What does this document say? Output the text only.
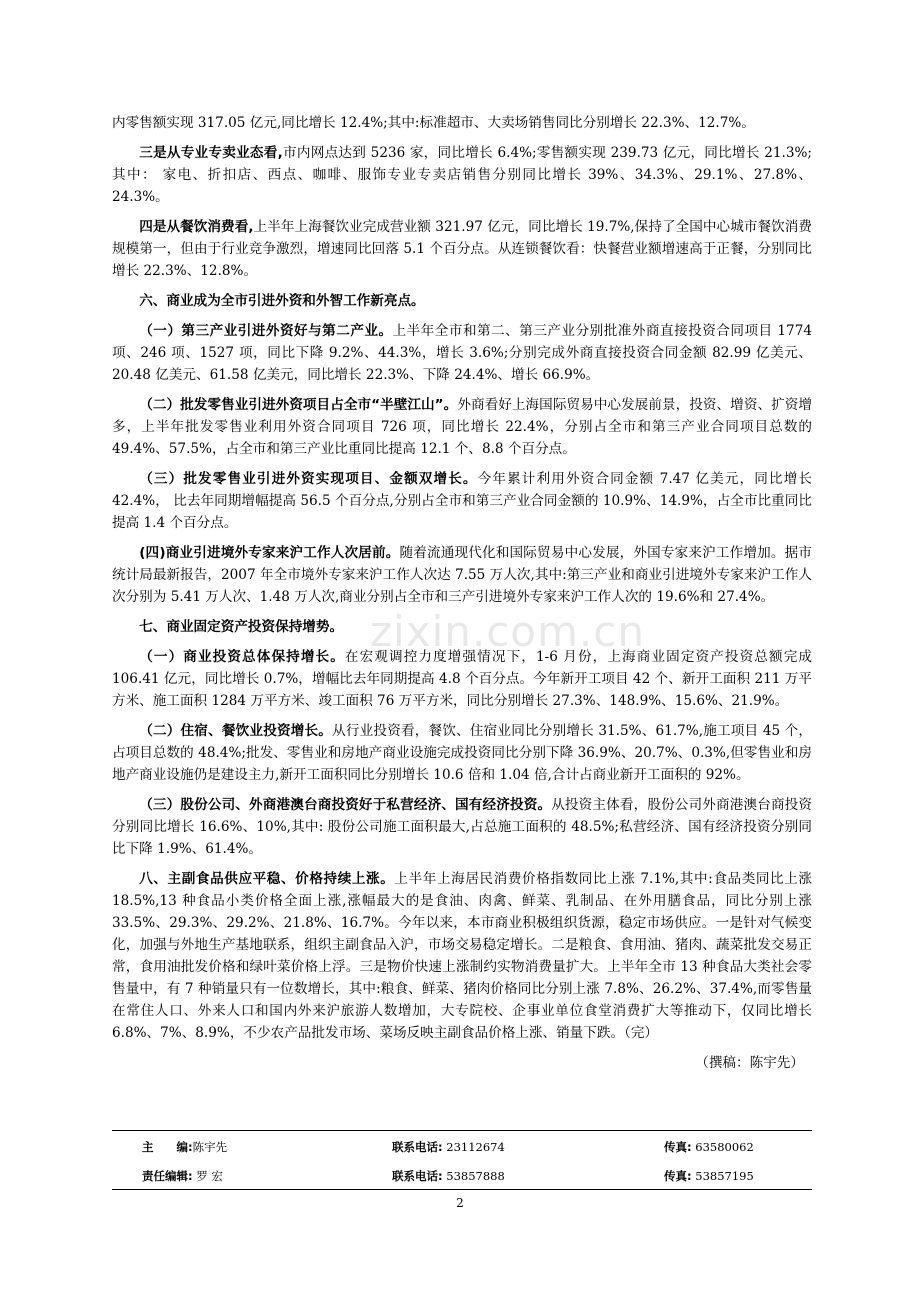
内零售额实现 317.05 亿元,同比增长 12.4%;其中:标准超市、大卖场销售同比分别增长 22.3%、12.7%。

三是从专业专卖业态看,市内网点达到 5236 家，同比增长 6.4%;零售额实现 239.73 亿元，同比增长 21.3%;其中： 家电、折扣店、西点、咖啡、服饰专业专卖店销售分别同比增长 39%、34.3%、29.1%、27.8%、24.3%。

四是从餐饮消费看,上半年上海餐饮业完成营业额 321.97 亿元，同比增长 19.7%,保持了全国中心城市餐饮消费规模第一，但由于行业竞争激烈，增速同比回落 5.1 个百分点。从连锁餐饮看：快餐营业额增速高于正餐，分别同比增长 22.3%、12.8%。

六、商业成为全市引进外资和外智工作新亮点。

（一）第三产业引进外资好与第二产业。上半年全市和第二、第三产业分别批准外商直接投资合同项目 1774 项、246 项、1527 项，同比下降 9.2%、44.3%，增长 3.6%;分别完成外商直接投资合同金额 82.99 亿美元、20.48 亿美元、61.58 亿美元，同比增长 22.3%、下降 24.4%、增长 66.9%。

（二）批发零售业引进外资项目占全市“半壁江山”。外商看好上海国际贸易中心发展前景，投资、增资、扩资增多，上半年批发零售业利用外资合同项目 726 项，同比增长 22.4%，分别占全市和第三产业合同项目总数的 49.4%、57.5%，占全市和第三产业比重同比提高 12.1 个、8.8 个百分点。

（三）批发零售业引进外资实现项目、金额双增长。今年累计利用外资合同金额 7.47 亿美元，同比增长 42.4%， 比去年同期增幅提高 56.5 个百分点,分别占全市和第三产业合同金额的 10.9%、14.9%，占全市比重同比提高 1.4 个百分点。

(四)商业引进境外专家来沪工作人次居前。随着流通现代化和国际贸易中心发展，外国专家来沪工作增加。据市统计局最新报告，2007 年全市境外专家来沪工作人次达 7.55 万人次,其中:第三产业和商业引进境外专家来沪工作人次分别为 5.41 万人次、1.48 万人次,商业分别占全市和三产引进境外专家来沪工作人次的 19.6%和 27.4%。

七、商业固定资产投资保持增势。

（一）商业投资总体保持增长。在宏观调控力度增强情况下，1-6 月份，上海商业固定资产投资总额完成 106.41 亿元，同比增长 0.7%，增幅比去年同期提高 4.8 个百分点。今年新开工项目 42 个、新开工面积 211 万平方米、施工面积 1284 万平方米、竣工面积 76 万平方米，同比分别增长 27.3%、148.9%、15.6%、21.9%。

（二）住宿、餐饮业投资增长。从行业投资看，餐饮、住宿业同比分别增长 31.5%、61.7%,施工项目 45 个，占项目总数的 48.4%;批发、零售业和房地产商业设施完成投资同比分别下降 36.9%、20.7%、0.3%,但零售业和房地产商业设施仍是建设主力,新开工面积同比分别增长 10.6 倍和 1.04 倍,合计占商业新开工面积的 92%。

（三）股份公司、外商港澳台商投资好于私营经济、国有经济投资。从投资主体看，股份公司外商港澳台商投资分别同比增长 16.6%、10%,其中: 股份公司施工面积最大,占总施工面积的 48.5%;私营经济、国有经济投资分别同比下降 1.9%、61.4%。

八、主副食品供应平稳、价格持续上涨。上半年上海居民消费价格指数同比上涨 7.1%,其中:食品类同比上涨 18.5%,13 种食品小类价格全面上涨,涨幅最大的是食油、肉禽、鲜菜、乳制品、在外用膳食品，同比分别上涨 33.5%、29.3%、29.2%、21.8%、16.7%。今年以来，本市商业积极组织货源，稳定市场供应。一是针对气候变化，加强与外地生产基地联系，组织主副食品入沪，市场交易稳定增长。二是粮食、食用油、猪肉、蔬菜批发交易正常，食用油批发价格和绿叶菜价格上浮。三是物价快速上涨制约实物消费量扩大。上半年全市 13 种食品大类社会零售量中，有 7 种销量只有一位数增长，其中:粮食、鲜菜、猪肉价格同比分别上涨 7.8%、26.2%、37.4%,而零售量在常住人口、外来人口和国内外来沪旅游人数增加，大专院校、企事业单位食堂消费扩大等推动下，仅同比增长 6.8%、7%、8.9%，不少农产品批发市场、菜场反映主副食品价格上涨、销量下跌。（完）

（撰稿：陈宇先）
zixin.com.cn
主　　编:陈宇先	联系电话: 23112674	传真: 63580062
责任编辑: 罗 宏	联系电话: 53857888	传真: 53857195
2
